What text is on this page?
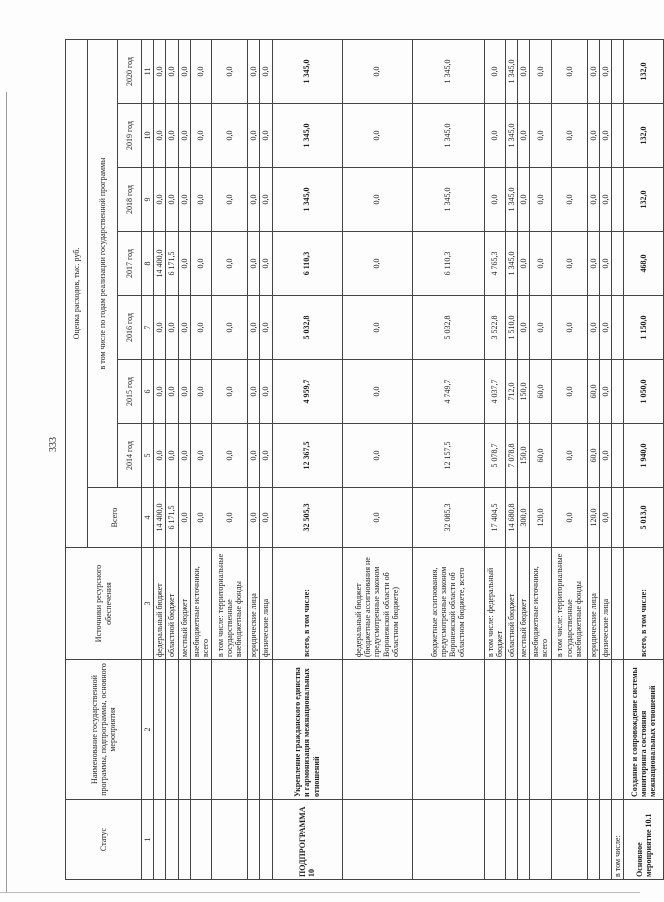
333
Статус	Наименование государственной программы, подпрограммы, основного мероприятия	Источники ресурсного обеспечения	Оценка расходов, тыс. руб.							
			Всего	в том числе по годам реализации государственной программы						
				2014 год	2015 год	2016 год	2017 год	2018 год	2019 год	2020 год
1	2	3	4	5	6	7	8	9	10	11
		федеральный бюджет	14 400,0	0,0	0,0	0,0	14 400,0	0,0	0,0	0,0
		областной бюджет	6 171,5	0,0	0,0	0,0	6 171,5	0,0	0,0	0,0
		местный бюджет	0,0	0,0	0,0	0,0	0,0	0,0	0,0	0,0
		внебюджетные источники, всего	0,0	0,0	0,0	0,0	0,0	0,0	0,0	0,0
		в том числе: территориальные государственные внебюджетные фонды	0,0	0,0	0,0	0,0	0,0	0,0	0,0	0,0
		юридические лица	0,0	0,0	0,0	0,0	0,0	0,0	0,0	0,0
		физические лица	0,0	0,0	0,0	0,0	0,0	0,0	0,0	0,0
ПОДПРОГРАММА 10	Укрепление гражданского единства и гармонизация межнациональных отношений	всего, в том числе:	32 505,3	12 367,5	4 959,7	5 032,8	6 110,3	1 345,0	1 345,0	1 345,0
		федеральный бюджет (бюджетные ассигнования не предусмотренные законом Воронежской области об областном бюджете)	0,0	0,0	0,0	0,0	0,0	0,0	0,0	0,0
		бюджетные ассигнования, предусмотренные законом Воронежской области об областном бюджете, всего	32 085,3	12 157,5	4 749,7	5 032,8	6 110,3	1 345,0	1 345,0	1 345,0
		в том числе: федеральный бюджет	17 404,5	5 078,7	4 037,7	3 522,8	4 765,3	0,0	0,0	0,0
		областной бюджет	14 680,8	7 078,8	712,0	1 510,0	1 345,0	1 345,0	1 345,0	1 345,0
		местный бюджет	300,0	150,0	150,0	0,0	0,0	0,0	0,0	0,0
		внебюджетные источники, всего	120,0	60,0	60,0	0,0	0,0	0,0	0,0	0,0
		в том числе: территориальные государственные внебюджетные фонды	0,0	0,0	0,0	0,0	0,0	0,0	0,0	0,0
		юридические лица	120,0	60,0	60,0	0,0	0,0	0,0	0,0	0,0
		физические лица	0,0	0,0	0,0	0,0	0,0	0,0	0,0	0,0
в том числе:										
Основное мероприятие 10.1	Создание и сопровождение системы мониторинга состояния межнациональных отношений	всего, в том числе:	5 013,0	1 940,0	1 050,0	1 150,0	468,0	132,0	132,0	132,0
